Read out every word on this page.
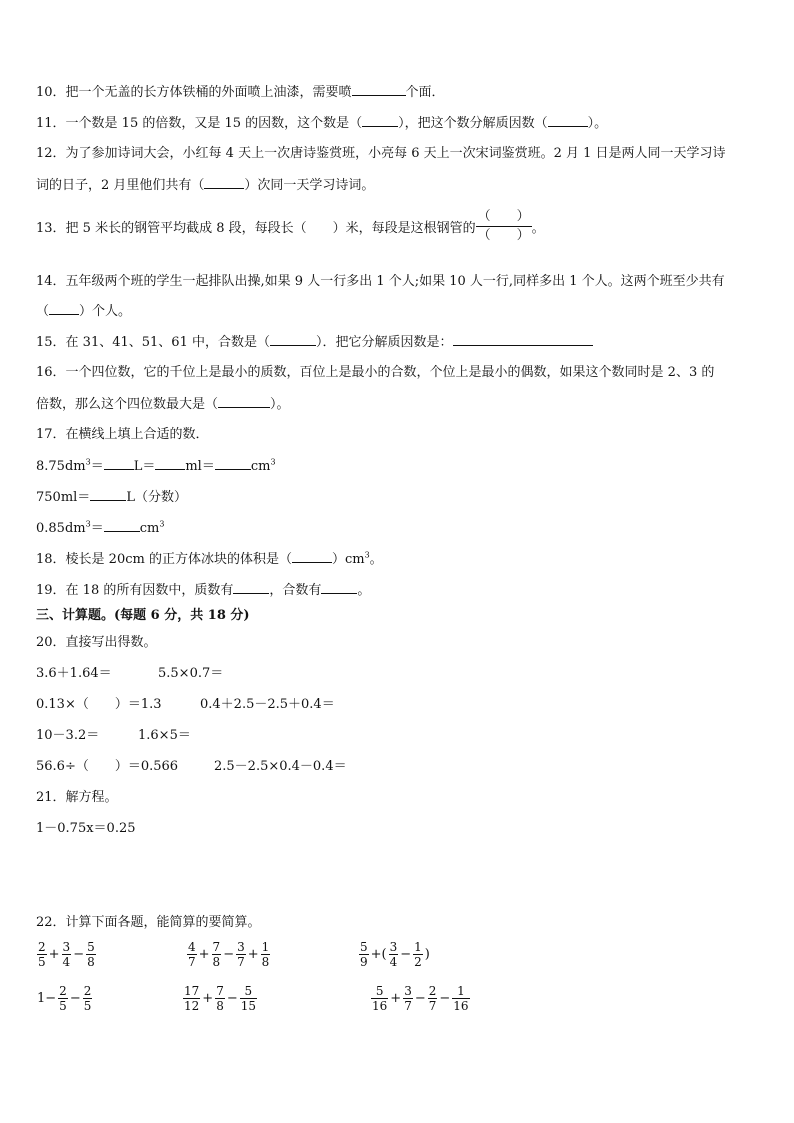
10．把一个无盖的长方体铁桶的外面喷上油漆，需要喷	个面．
11．一个数是 15 的倍数，又是 15 的因数，这个数是（	），把这个数分解质因数（	）。
12．为了参加诗词大会，小红每 4 天上一次唐诗鉴赏班，小亮每 6 天上一次宋词鉴赏班。2 月 1 日是两人同一天学习诗
词的日子，2 月里他们共有（	）次同一天学习诗词。
13．把 5 米长的钢管平均截成 8 段，每段长（　　）米，每段是这根钢管的 $\frac{( )}{( )}$ 。
14．五年级两个班的学生一起排队出操,如果 9 人一行多出 1 个人;如果 10 人一行,同样多出 1 个人。这两个班至少共有
（ ）个人。
15．在 31、41、51、61 中，合数是（	）．把它分解质因数是：
16．一个四位数，它的千位上是最小的质数，百位上是最小的合数，个位上是最小的偶数，如果这个数同时是 2、3 的
倍数，那么这个四位数最大是（	）。
17．在横线上填上合适的数．
$8.75dm^3= L= ml=$	$cm^3$
750ml＝	L（分数）
$0.85dm^3=$	$cm^3$
18．棱长是 20cm 的正方体冰块的体积是（	）$cm^3$。
19．在 18 的所有因数中，质数有	，合数有	。
三、计算题。(每题 6 分，共 18 分)
20．直接写出得数。
3.6＋1.64＝	5.5×0.7＝
0.13×（　　）＝1.3	0.4＋2.5－2.5＋0.4＝
10－3.2＝	1.6×5＝
56.6÷（　　）＝0.566	2.5－2.5×0.4－0.4＝
21．解方程。
1－0.75x＝0.25
22．计算下面各题，能简算的要简算。
$\frac{2}{5} + \frac{3}{4} - \frac{5}{8}$	$\frac{4}{7} + \frac{7}{8} - \frac{3}{7} + \frac{1}{8}$	$\frac{5}{9}$ +( $\frac{3}{4} - \frac{1}{2}$ )
$1- \frac{2}{5} - \frac{2}{5}$	$\frac{17}{12} + \frac{7}{8} - \frac{5}{15}$	$\frac{5}{16} + \frac{3}{7} - \frac{2}{7} - \frac{1}{16}$
